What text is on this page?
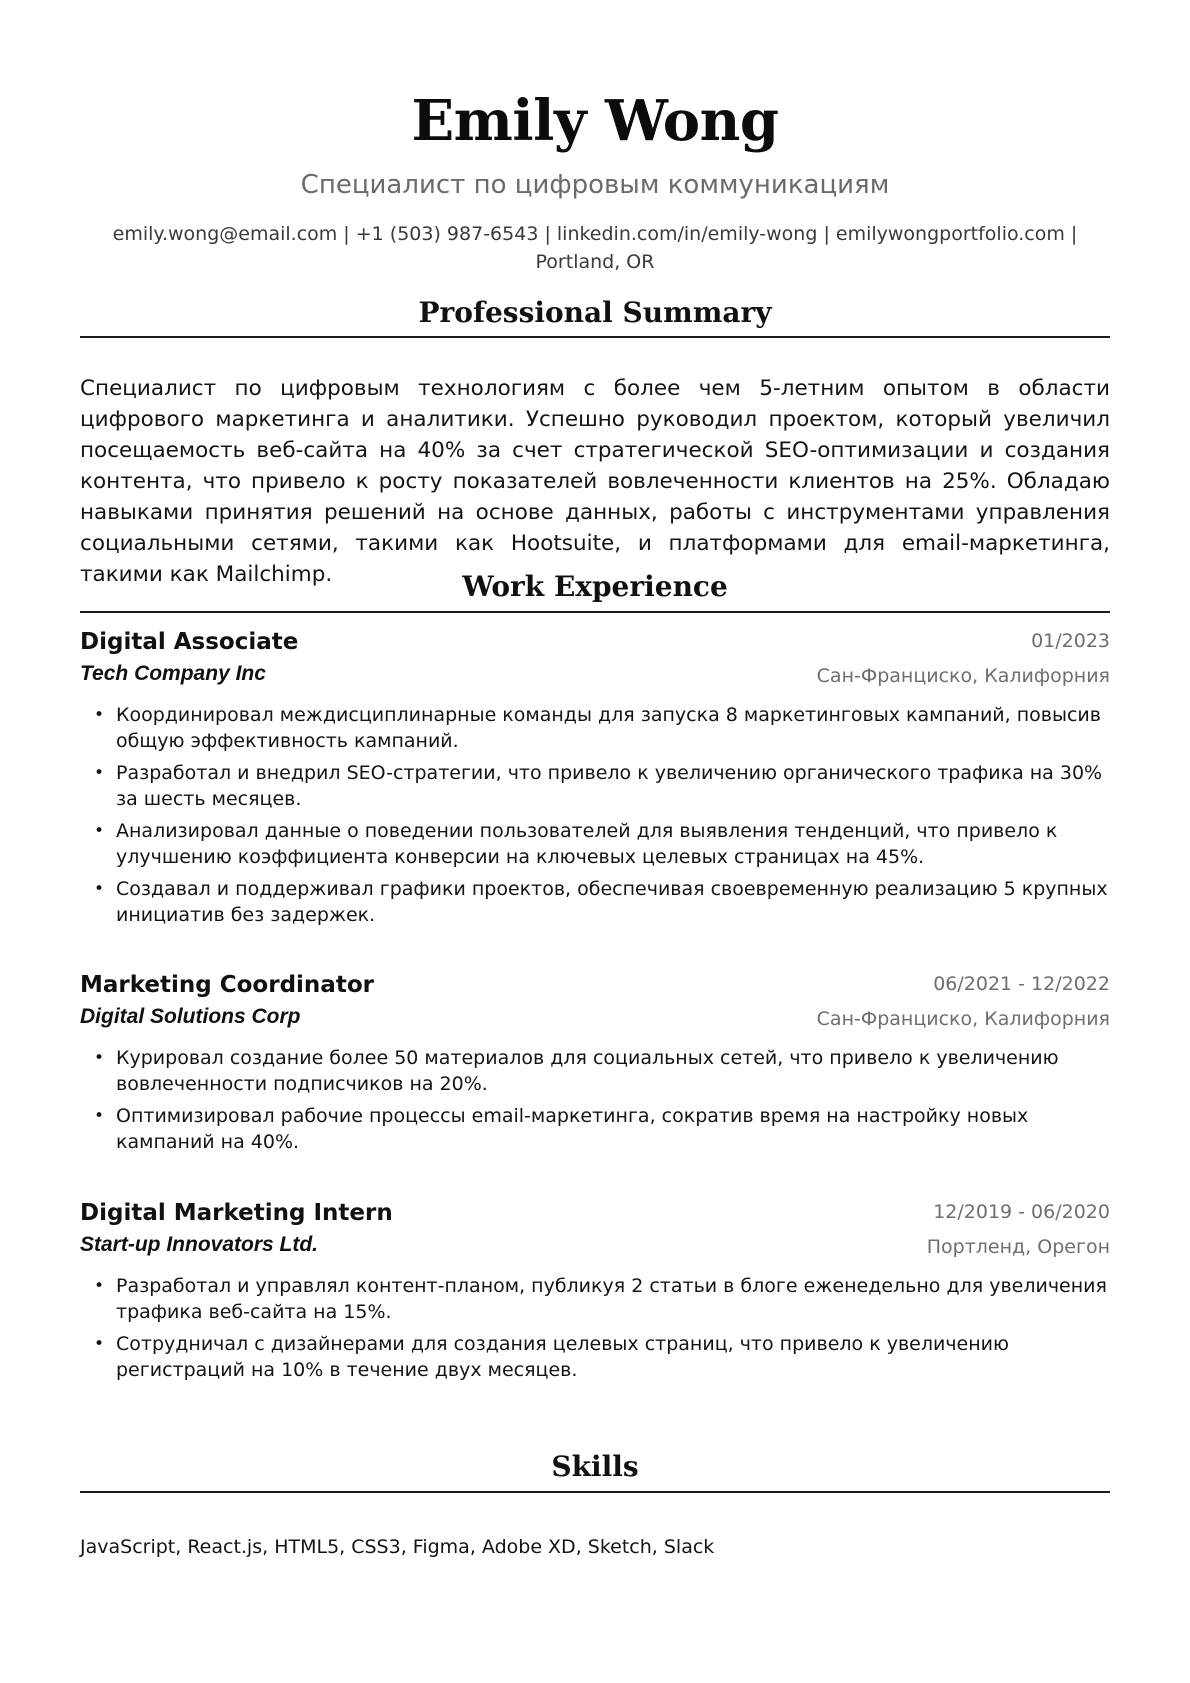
Emily Wong
Специалист по цифровым коммуникациям
emily.wong@email.com | +1 (503) 987-6543 | linkedin.com/in/emily-wong | emilywongportfolio.com | Portland, OR
Professional Summary
Специалист по цифровым технологиям с более чем 5-летним опытом в области цифрового маркетинга и аналитики. Успешно руководил проектом, который увеличил посещаемость веб-сайта на 40% за счет стратегической SEO-оптимизации и создания контента, что привело к росту показателей вовлеченности клиентов на 25%. Обладаю навыками принятия решений на основе данных, работы с инструментами управления социальными сетями, такими как Hootsuite, и платформами для email-маркетинга, такими как Mailchimp.	Work Experience
Digital Associate	01/2023
Tech Company Inc	Сан-Франциско, Калифорния
• Координировал междисциплинарные команды для запуска 8 маркетинговых кампаний, повысив общую эффективность кампаний.
• Разработал и внедрил SEO-стратегии, что привело к увеличению органического трафика на 30% за шесть месяцев.
• Анализировал данные о поведении пользователей для выявления тенденций, что привело к улучшению коэффициента конверсии на ключевых целевых страницах на 45%.
• Создавал и поддерживал графики проектов, обеспечивая своевременную реализацию 5 крупных инициатив без задержек.
Marketing Coordinator	06/2021 - 12/2022
Digital Solutions Corp	Сан-Франциско, Калифорния
• Курировал создание более 50 материалов для социальных сетей, что привело к увеличению вовлеченности подписчиков на 20%.
• Оптимизировал рабочие процессы email-маркетинга, сократив время на настройку новых кампаний на 40%.
Digital Marketing Intern	12/2019 - 06/2020
Start-up Innovators Ltd.	Портленд, Орегон
• Разработал и управлял контент-планом, публикуя 2 статьи в блоге еженедельно для увеличения трафика веб-сайта на 15%.
• Сотрудничал с дизайнерами для создания целевых страниц, что привело к увеличению регистраций на 10% в течение двух месяцев.
Skills
JavaScript, React.js, HTML5, CSS3, Figma, Adobe XD, Sketch, Slack
